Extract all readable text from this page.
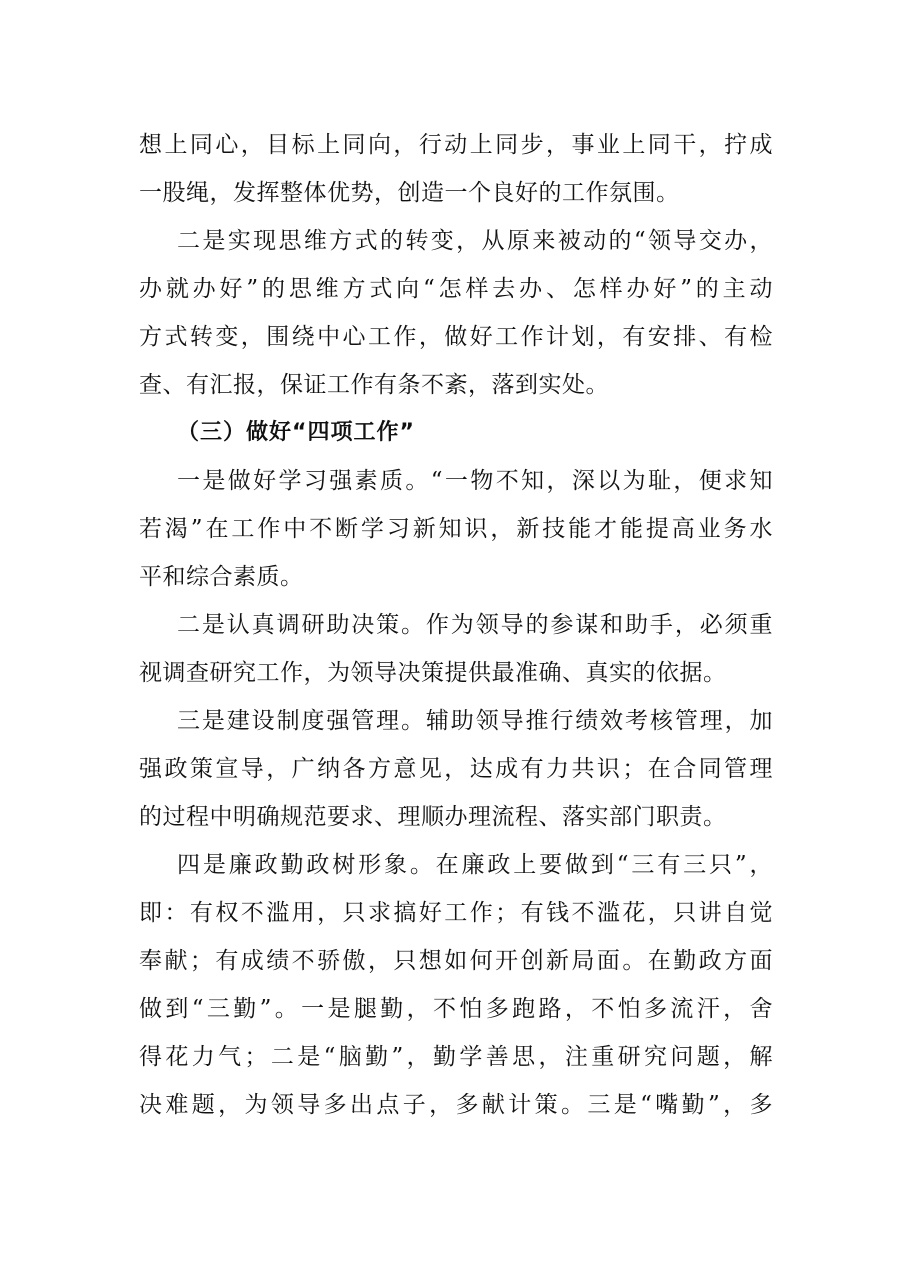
想上同心，目标上同向，行动上同步，事业上同干，拧成
一股绳，发挥整体优势，创造一个良好的工作氛围。

二是实现思维方式的转变，从原来被动的“领导交办，
办就办好”的思维方式向“怎样去办、怎样办好”的主动
方式转变，围绕中心工作，做好工作计划，有安排、有检
查、有汇报，保证工作有条不紊，落到实处。

（三）做好“四项工作”

一是做好学习强素质。“一物不知，深以为耻，便求知
若渴”在工作中不断学习新知识，新技能才能提高业务水
平和综合素质。

二是认真调研助决策。作为领导的参谋和助手，必须重
视调查研究工作，为领导决策提供最准确、真实的依据。

三是建设制度强管理。辅助领导推行绩效考核管理，加
强政策宣导，广纳各方意见，达成有力共识；在合同管理
的过程中明确规范要求、理顺办理流程、落实部门职责。

四是廉政勤政树形象。在廉政上要做到“三有三只”，
即：有权不滥用，只求搞好工作；有钱不滥花，只讲自觉
奉献；有成绩不骄傲，只想如何开创新局面。在勤政方面
做到“三勤”。一是腿勤，不怕多跑路，不怕多流汗，舍
得花力气；二是“脑勤”，勤学善思，注重研究问题，解
决难题，为领导多出点子，多献计策。三是“嘴勤”，多
